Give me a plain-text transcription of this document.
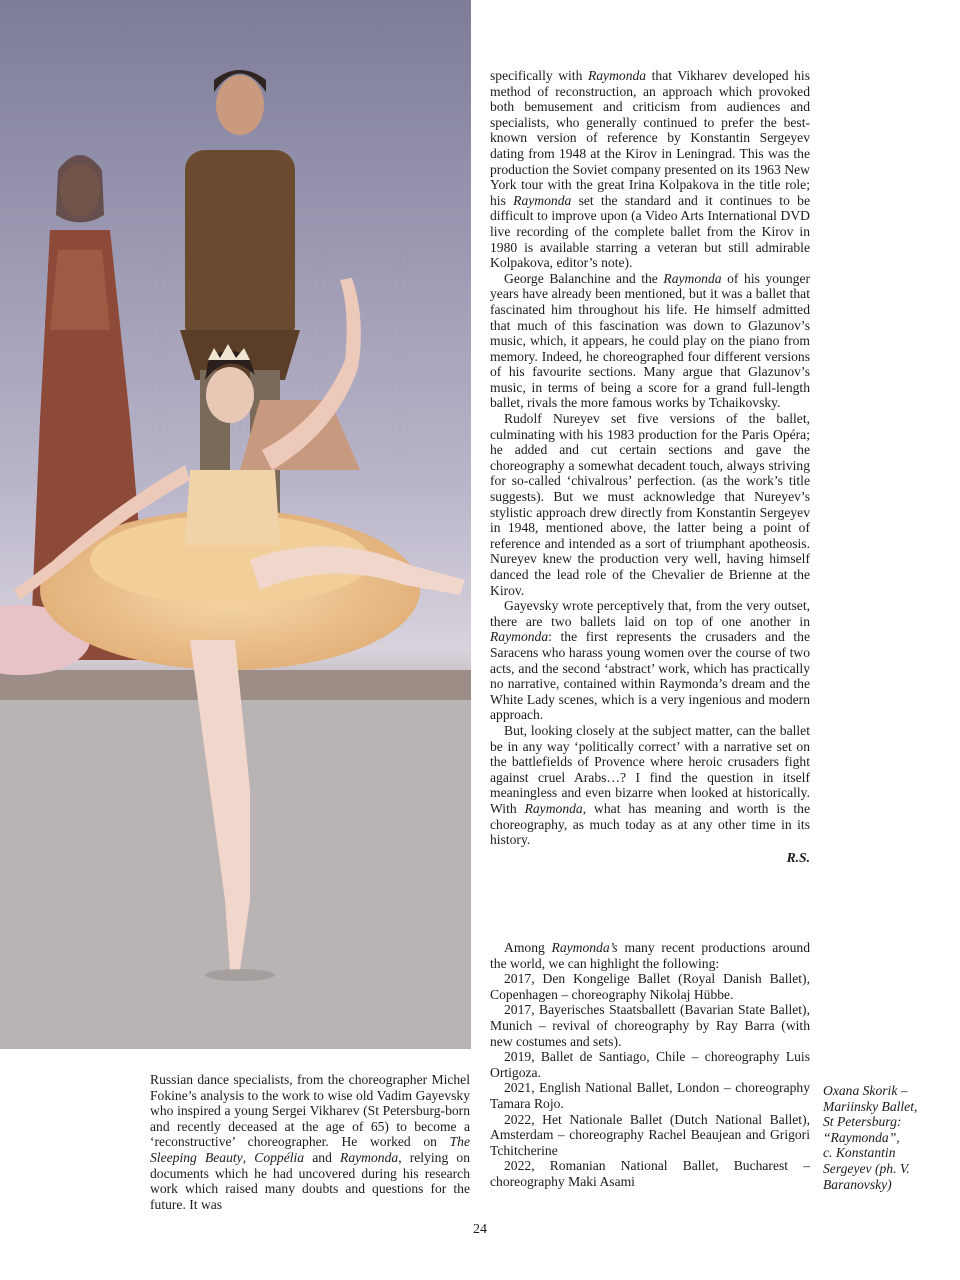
specifically with Raymonda that Vikharev developed his method of reconstruction, an approach which provoked both bemusement and criticism from audiences and specialists, who generally continued to prefer the best-known version of reference by Konstantin Sergeyev dating from 1948 at the Kirov in Leningrad. This was the production the Soviet company presented on its 1963 New York tour with the great Irina Kolpakova in the title role; his Raymonda set the standard and it continues to be difficult to improve upon (a Video Arts International DVD live recording of the complete ballet from the Kirov in 1980 is available starring a veteran but still admirable Kolpakova, editor’s note).

George Balanchine and the Raymonda of his younger years have already been mentioned, but it was a ballet that fascinated him throughout his life. He himself admitted that much of this fascination was down to Glazunov’s music, which, it appears, he could play on the piano from memory. Indeed, he choreographed four different versions of his favourite sections. Many argue that Glazunov’s music, in terms of being a score for a grand full-length ballet, rivals the more famous works by Tchaikovsky.

Rudolf Nureyev set five versions of the ballet, culminating with his 1983 production for the Paris Opéra; he added and cut certain sections and gave the choreography a somewhat decadent touch, always striving for so-called ‘chivalrous’ perfection. (as the work’s title suggests). But we must acknowledge that Nureyev’s stylistic approach drew directly from Konstantin Sergeyev in 1948, mentioned above, the latter being a point of reference and intended as a sort of triumphant apotheosis. Nureyev knew the production very well, having himself danced the lead role of the Chevalier de Brienne at the Kirov.

Gayevsky wrote perceptively that, from the very outset, there are two ballets laid on top of one another in Raymonda: the first represents the crusaders and the Saracens who harass young women over the course of two acts, and the second ‘abstract’ work, which has practically no narrative, contained within Raymonda’s dream and the White Lady scenes, which is a very ingenious and modern approach.

But, looking closely at the subject matter, can the ballet be in any way ‘politically correct’ with a narrative set on the battlefields of Provence where heroic crusaders fight against cruel Arabs…? I find the question in itself meaningless and even bizarre when looked at historically. With Raymonda, what has meaning and worth is the choreography, as much today as at any other time in its history.

R.S.

Among Raymonda’s many recent productions around the world, we can highlight the following:

2017, Den Kongelige Ballet (Royal Danish Ballet), Copenhagen – choreography Nikolaj Hübbe.

2017, Bayerisches Staatsballett (Bavarian State Ballet), Munich – revival of choreography by Ray Barra (with new costumes and sets).

2019, Ballet de Santiago, Chile – choreography Luis Ortigoza.

2021, English National Ballet, London – choreography Tamara Rojo.

2022, Het Nationale Ballet (Dutch National Ballet), Amsterdam – choreography Rachel Beaujean and Grigori Tchitcherine

2022, Romanian National Ballet, Bucharest – choreography Maki Asami

Russian dance specialists, from the choreographer Michel Fokine’s analysis to the work to wise old Vadim Gayevsky who inspired a young Sergei Vikharev (St Petersburg-born and recently deceased at the age of 65) to become a ‘reconstructive’ choreographer. He worked on The Sleeping Beauty, Coppélia and Raymonda, relying on documents which he had uncovered during his research work which raised many doubts and questions for the future. It was

Oxana Skorik –
Mariinsky Ballet,
St Petersburg:
“Raymonda”,
c. Konstantin
Sergeyev (ph. V.
Baranovsky)
24
